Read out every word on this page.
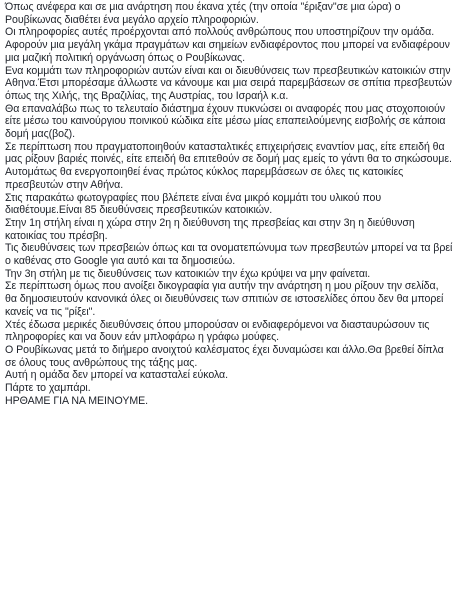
Όπως ανέφερα και σε μια ανάρτηση που έκανα χτές (την οποία "έριξαν"σε μια ώρα) ο Ρουβίκωνας διαθέτει ένα μεγάλο αρχείο πληροφοριών.

Οι πληροφορίες αυτές προέρχονται από πολλούς ανθρώπους που υποστηρίζουν την ομάδα.

Αφορούν μια μεγάλη γκάμα πραγμάτων και σημείων ενδιαφέροντος που μπορεί να ενδιαφέρουν μια μαζική πολιτική οργάνωση όπως ο Ρουβίκωνας.

Ενα κομμάτι των πληροφοριών αυτών είναι και οι διευθύνσεις των πρεσβευτικών κατοικιών στην Αθηνα.Έτσι μπορέσαμε άλλωστε να κάνουμε και μια σειρά παρεμβάσεων σε σπίτια πρεσβευτών όπως της Χιλής, της Βραζιλίας, της Αυστρίας, του Ισραήλ κ.α.

Θα επαναλάβω πως το τελευταίο διάστημα έχουν πυκνώσει οι αναφορές που μας στοχοποιούν είτε μέσω του καινούργιου ποινικού κώδικα είτε μέσω μίας επαπειλούμενης εισβολής σε κάποια δομή μας(βοζ).

Σε περίπτωση που πραγματοποιηθούν κατασταλτικές επιχειρήσεις εναντίον μας, είτε επειδή θα μας ρίξουν βαριές ποινές, είτε επειδή θα επιτεθούν σε δομή μας εμείς το γάντι θα το σηκώσουμε.

Αυτομάτως θα ενεργοποιηθεί ένας πρώτος κύκλος παρεμβάσεων σε όλες τις κατοικίες πρεσβευτών στην Αθήνα.

Στις παρακάτω φωτογραφίες που βλέπετε είναι ένα μικρό κομμάτι του υλικού που διαθέτουμε.Είναι 85 διευθύνσεις πρεσβευτικών κατοικιών.

Στην 1η στήλη είναι η χώρα στην 2η η διεύθυνση της πρεσβείας και στην 3η η διεύθυνση κατοικίας του πρέσβη.

Τις διευθύνσεις των πρεσβειών όπως και τα ονοματεπώνυμα των πρεσβευτών μπορεί να τα βρεί ο καθένας στο Google για αυτό και τα δημοσιεύω.

Την 3η στήλη με τις διευθύνσεις των κατοικιών την έχω κρύψει να μην φαίνεται.

Σε περίπτωση όμως που ανοίξει δικογραφία για αυτήν την ανάρτηση η μου ρίξουν την σελίδα, θα δημοσιευτούν κανονικά όλες οι διευθύνσεις των σπιτιών σε ιστοσελίδες όπου δεν θα μπορεί κανείς να τις "ρίξει".

Χτές έδωσα μερικές διευθύνσεις όπου μπορούσαν οι ενδιαφερόμενοι να διασταυρώσουν τις πληροφορίες και να δουν εάν μπλοφάρω η γράφω μούφες.

Ο Ρουβίκωνας μετά το διήμερο ανοιχτού καλέσματος έχει δυναμώσει και άλλο.Θα βρεθεί δίπλα σε όλους τους ανθρώπους της τάξης μας.

Αυτή η ομάδα δεν μπορεί να κατασταλεί εύκολα.

Πάρτε το χαμπάρι.

ΗΡΘΑΜΕ ΓΙΑ ΝΑ ΜΕΙΝΟΥΜΕ.
